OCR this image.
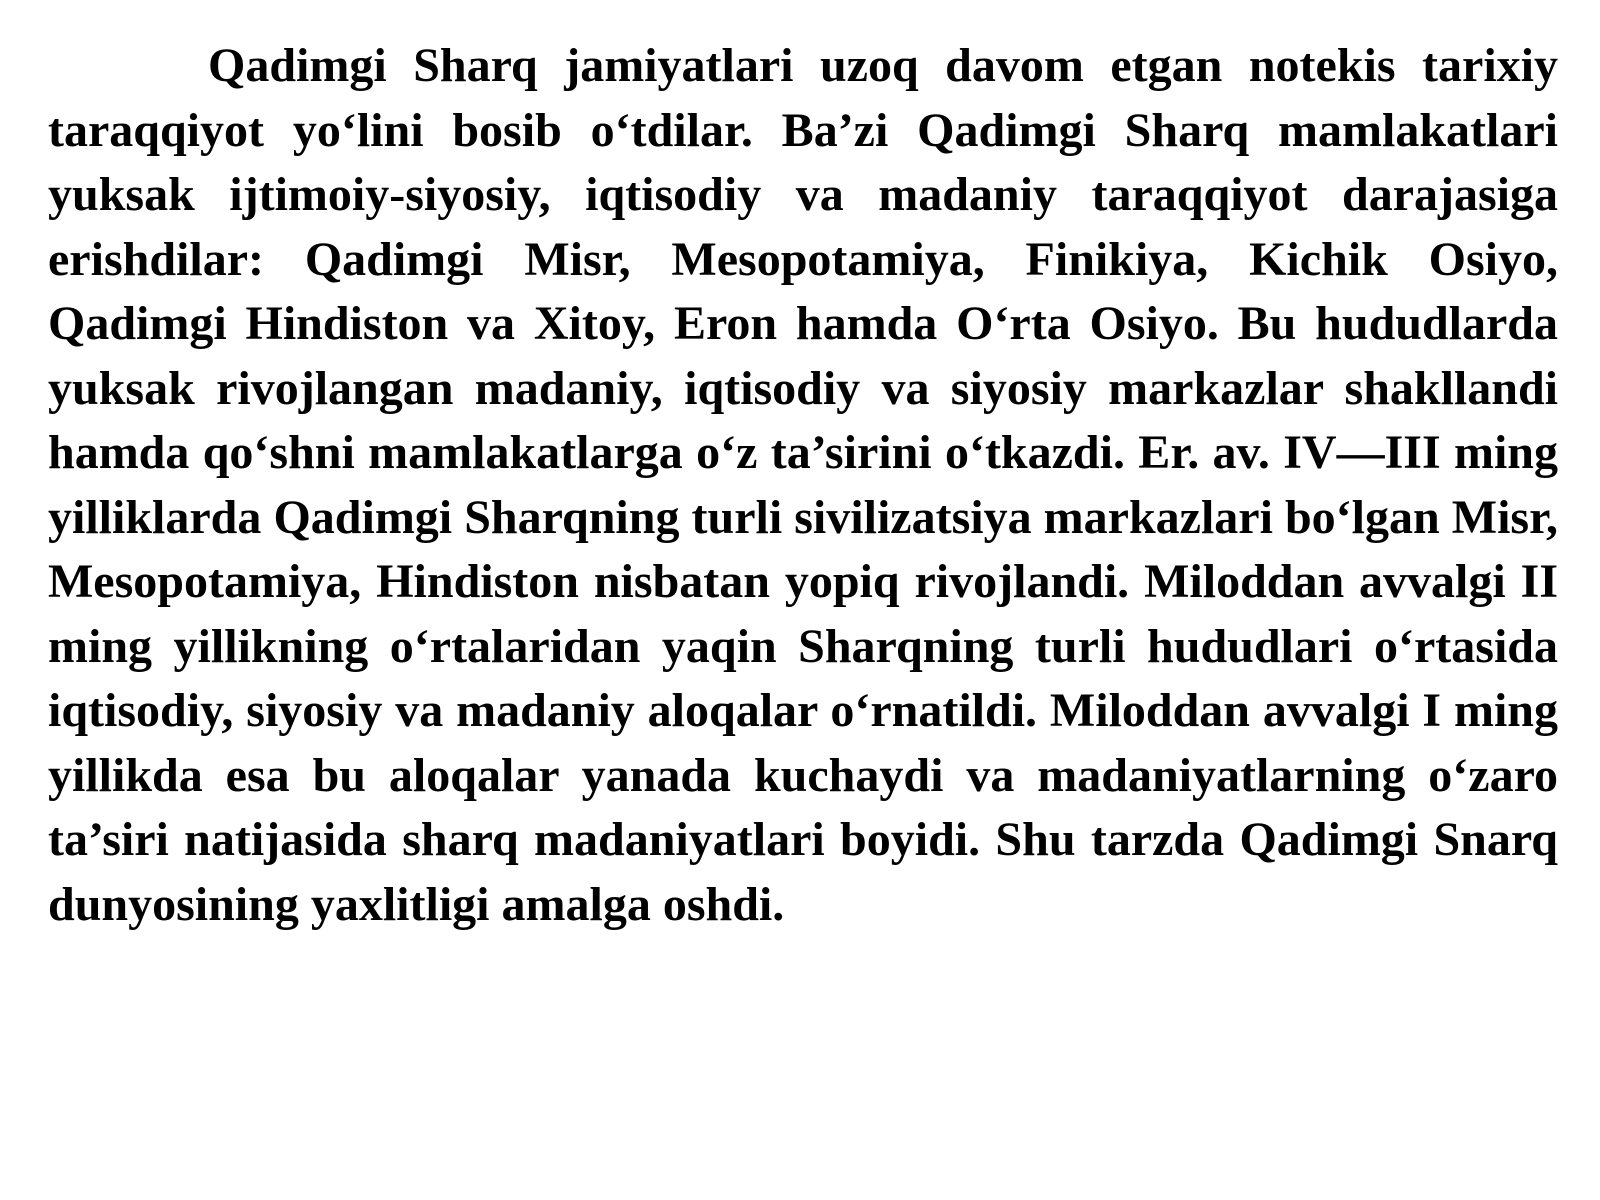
Qadimgi Sharq jamiyatlari uzoq davom etgan notekis tarixiy taraqqiyot yo‘lini bosib o‘tdilar. Ba’zi Qadimgi Sharq mamlakatlari yuksak ijtimoiy-siyosiy, iqtisodiy va madaniy taraqqiyot darajasiga erishdilar: Qadimgi Misr, Mesopotamiya, Finikiya, Kichik Osiyo, Qadimgi Hindiston va Xitoy, Eron hamda O‘rta Osiyo. Bu hududlarda yuksak rivojlangan madaniy, iqtisodiy va siyosiy markazlar shakllandi hamda qo‘shni mamlakatlarga o‘z ta’sirini o‘tkazdi. Er. av. IV—III ming yilliklarda Qadimgi Sharqning turli sivilizatsiya markazlari bo‘lgan Misr, Mesopotamiya, Hindiston nisbatan yopiq rivojlandi. Miloddan avvalgi II ming yillikning o‘rtalaridan yaqin Sharqning turli hududlari o‘rtasida iqtisodiy, siyosiy va madaniy aloqalar o‘rnatildi. Miloddan avvalgi I ming yillikda esa bu aloqalar yanada kuchaydi va madaniyatlarning o‘zaro ta’siri natijasida sharq madaniyatlari boyidi. Shu tarzda Qadimgi Snarq dunyosining yaxlitligi amalga oshdi.
